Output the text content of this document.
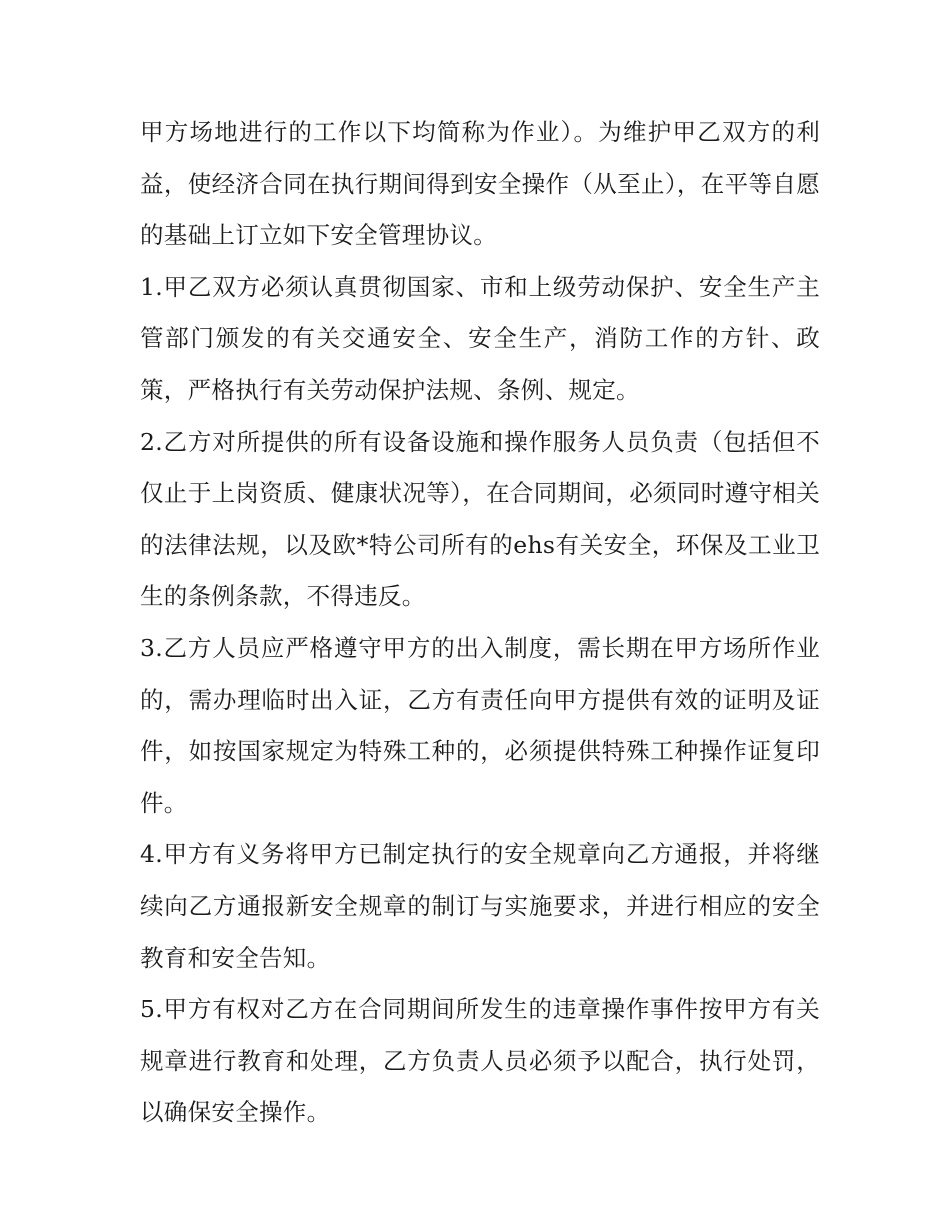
甲方场地进行的工作以下均简称为作业）。为维护甲乙双方的利益，使经济合同在执行期间得到安全操作（从至止），在平等自愿的基础上订立如下安全管理协议。

1.甲乙双方必须认真贯彻国家、市和上级劳动保护、安全生产主管部门颁发的有关交通安全、安全生产，消防工作的方针、政策，严格执行有关劳动保护法规、条例、规定。

2.乙方对所提供的所有设备设施和操作服务人员负责（包括但不仅止于上岗资质、健康状况等），在合同期间，必须同时遵守相关的法律法规，以及欧*特公司所有的ehs有关安全，环保及工业卫生的条例条款，不得违反。

3.乙方人员应严格遵守甲方的出入制度，需长期在甲方场所作业的，需办理临时出入证，乙方有责任向甲方提供有效的证明及证件，如按国家规定为特殊工种的，必须提供特殊工种操作证复印件。

4.甲方有义务将甲方已制定执行的安全规章向乙方通报，并将继续向乙方通报新安全规章的制订与实施要求，并进行相应的安全教育和安全告知。

5.甲方有权对乙方在合同期间所发生的违章操作事件按甲方有关规章进行教育和处理，乙方负责人员必须予以配合，执行处罚，以确保安全操作。
